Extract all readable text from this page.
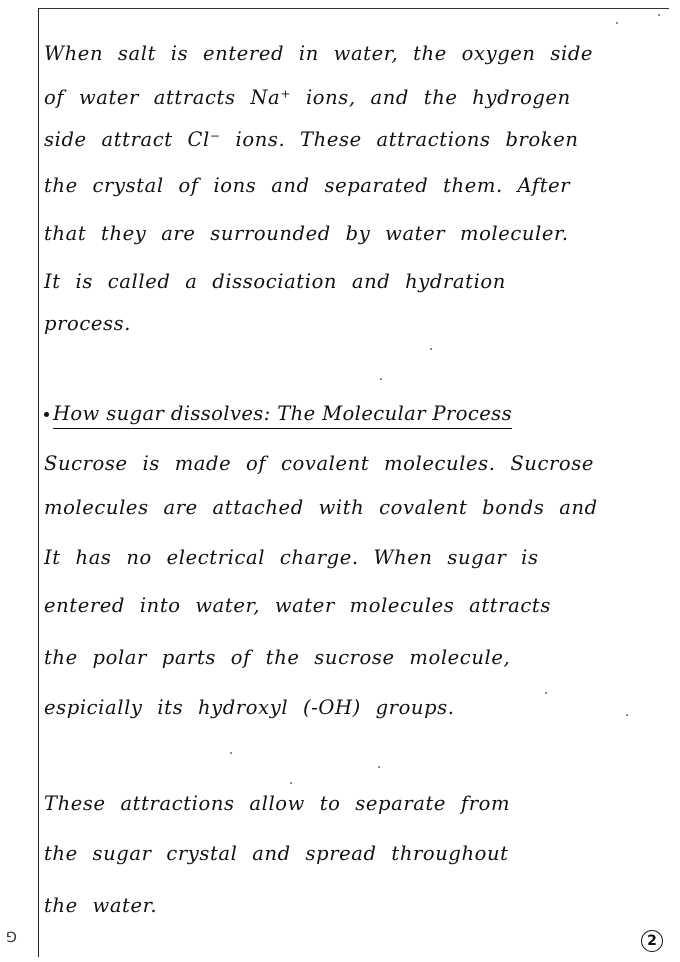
⅁
When salt is entered in water, the oxygen side
of water attracts Na⁺ ions, and the hydrogen
side attract Cl⁻ ions. These attractions broken
the crystal of ions and separated them. After
that they are surrounded by water moleculer.
It is called a dissociation and hydration
process.
How sugar dissolves: The Molecular Process
Sucrose is made of covalent molecules. Sucrose
molecules are attached with covalent bonds and
It has no electrical charge. When sugar is
entered into water, water molecules attracts
the polar parts of the sucrose molecule,
espicially its hydroxyl (-OH) groups.
These attractions allow to separate from
the sugar crystal and spread throughout
the water.
2
